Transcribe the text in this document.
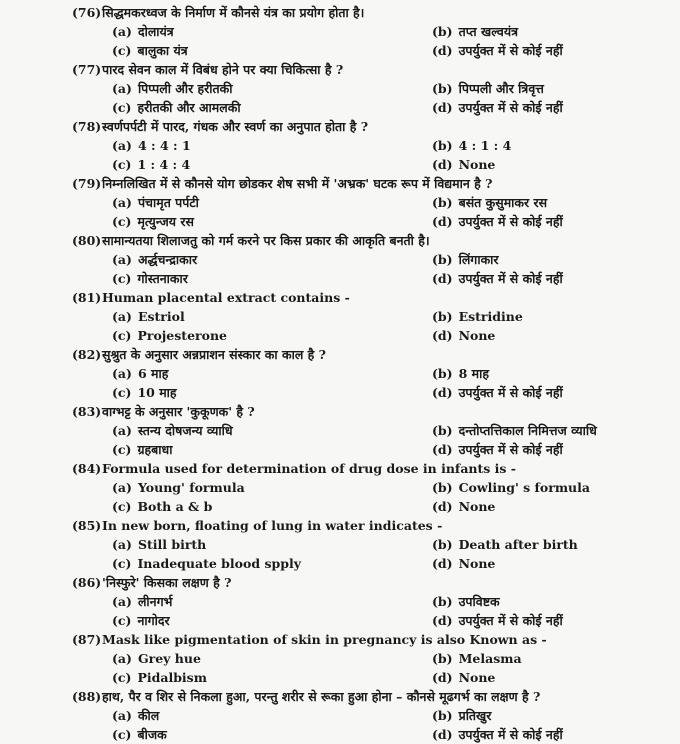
(76)सिद्धमकरध्वज के निर्माण में कौनसे यंत्र का प्रयोग होता है।
(a) दोलायंत्र	(b) तप्त खल्वयंत्र
(c) बालुका यंत्र	(d) उपर्युक्त में से कोई नहीं
(77)पारद सेवन काल में विबंध होने पर क्या चिकित्सा है ?
(a) पिप्पली और हरीतकी	(b) पिप्पली और त्रिवृत्त
(c) हरीतकी और आमलकी	(d) उपर्युक्त में से कोई नहीं
(78)स्वर्णपर्पटी में पारद, गंधक और स्वर्ण का अनुपात होता है ?
(a) 4 : 4 : 1	(b) 4 : 1 : 4
(c) 1 : 4 : 4	(d) None
(79)निम्नलिखित में से कौनसे योग छोडकर शेष सभी में 'अभ्रक' घटक रूप में विद्यमान है ?
(a) पंचामृत पर्पटी	(b) बसंत कुसुमाकर रस
(c) मृत्युन्जय रस	(d) उपर्युक्त में से कोई नहीं
(80)सामान्यतया शिलाजतु को गर्म करने पर किस प्रकार की आकृति बनती है।
(a) अर्द्धचन्द्राकार	(b) लिंगाकार
(c) गोस्तनाकार	(d) उपर्युक्त में से कोई नहीं
(81)Human placental extract contains -
(a) Estriol	(b) Estridine
(c) Projesterone	(d) None
(82)सुश्रुत के अनुसार अन्नप्राशन संस्कार का काल है ?
(a) 6 माह	(b) 8 माह
(c) 10 माह	(d) उपर्युक्त में से कोई नहीं
(83)वाग्भट्ट के अनुसार 'कुकूणक' है ?
(a) स्तन्य दोषजन्य व्याधि	(b) दन्तोप्तत्तिकाल निमित्तज व्याधि
(c) ग्रहबाधा	(d) उपर्युक्त में से कोई नहीं
(84)Formula used for determination of drug dose in infants is -
(a) Young' formula	(b) Cowling' s formula
(c) Both a & b	(d) None
(85)In new born, floating of lung in water indicates -
(a) Still birth	(b) Death after birth
(c) Inadequate blood spply	(d) None
(86)'निस्फुरे' किसका लक्षण है ?
(a) लीनगर्भ	(b) उपविष्टक
(c) नागोदर	(d) उपर्युक्त में से कोई नहीं
(87)Mask like pigmentation of skin in pregnancy is also Known as -
(a) Grey hue	(b) Melasma
(c) Pidalbism	(d) None
(88)हाथ, पैर व शिर से निकला हुआ, परन्तु शरीर से रूका हुआ होना – कौनसे मूढगर्भ का लक्षण है ?
(a) कील	(b) प्रतिखुर
(c) बीजक	(d) उपर्युक्त में से कोई नहीं
